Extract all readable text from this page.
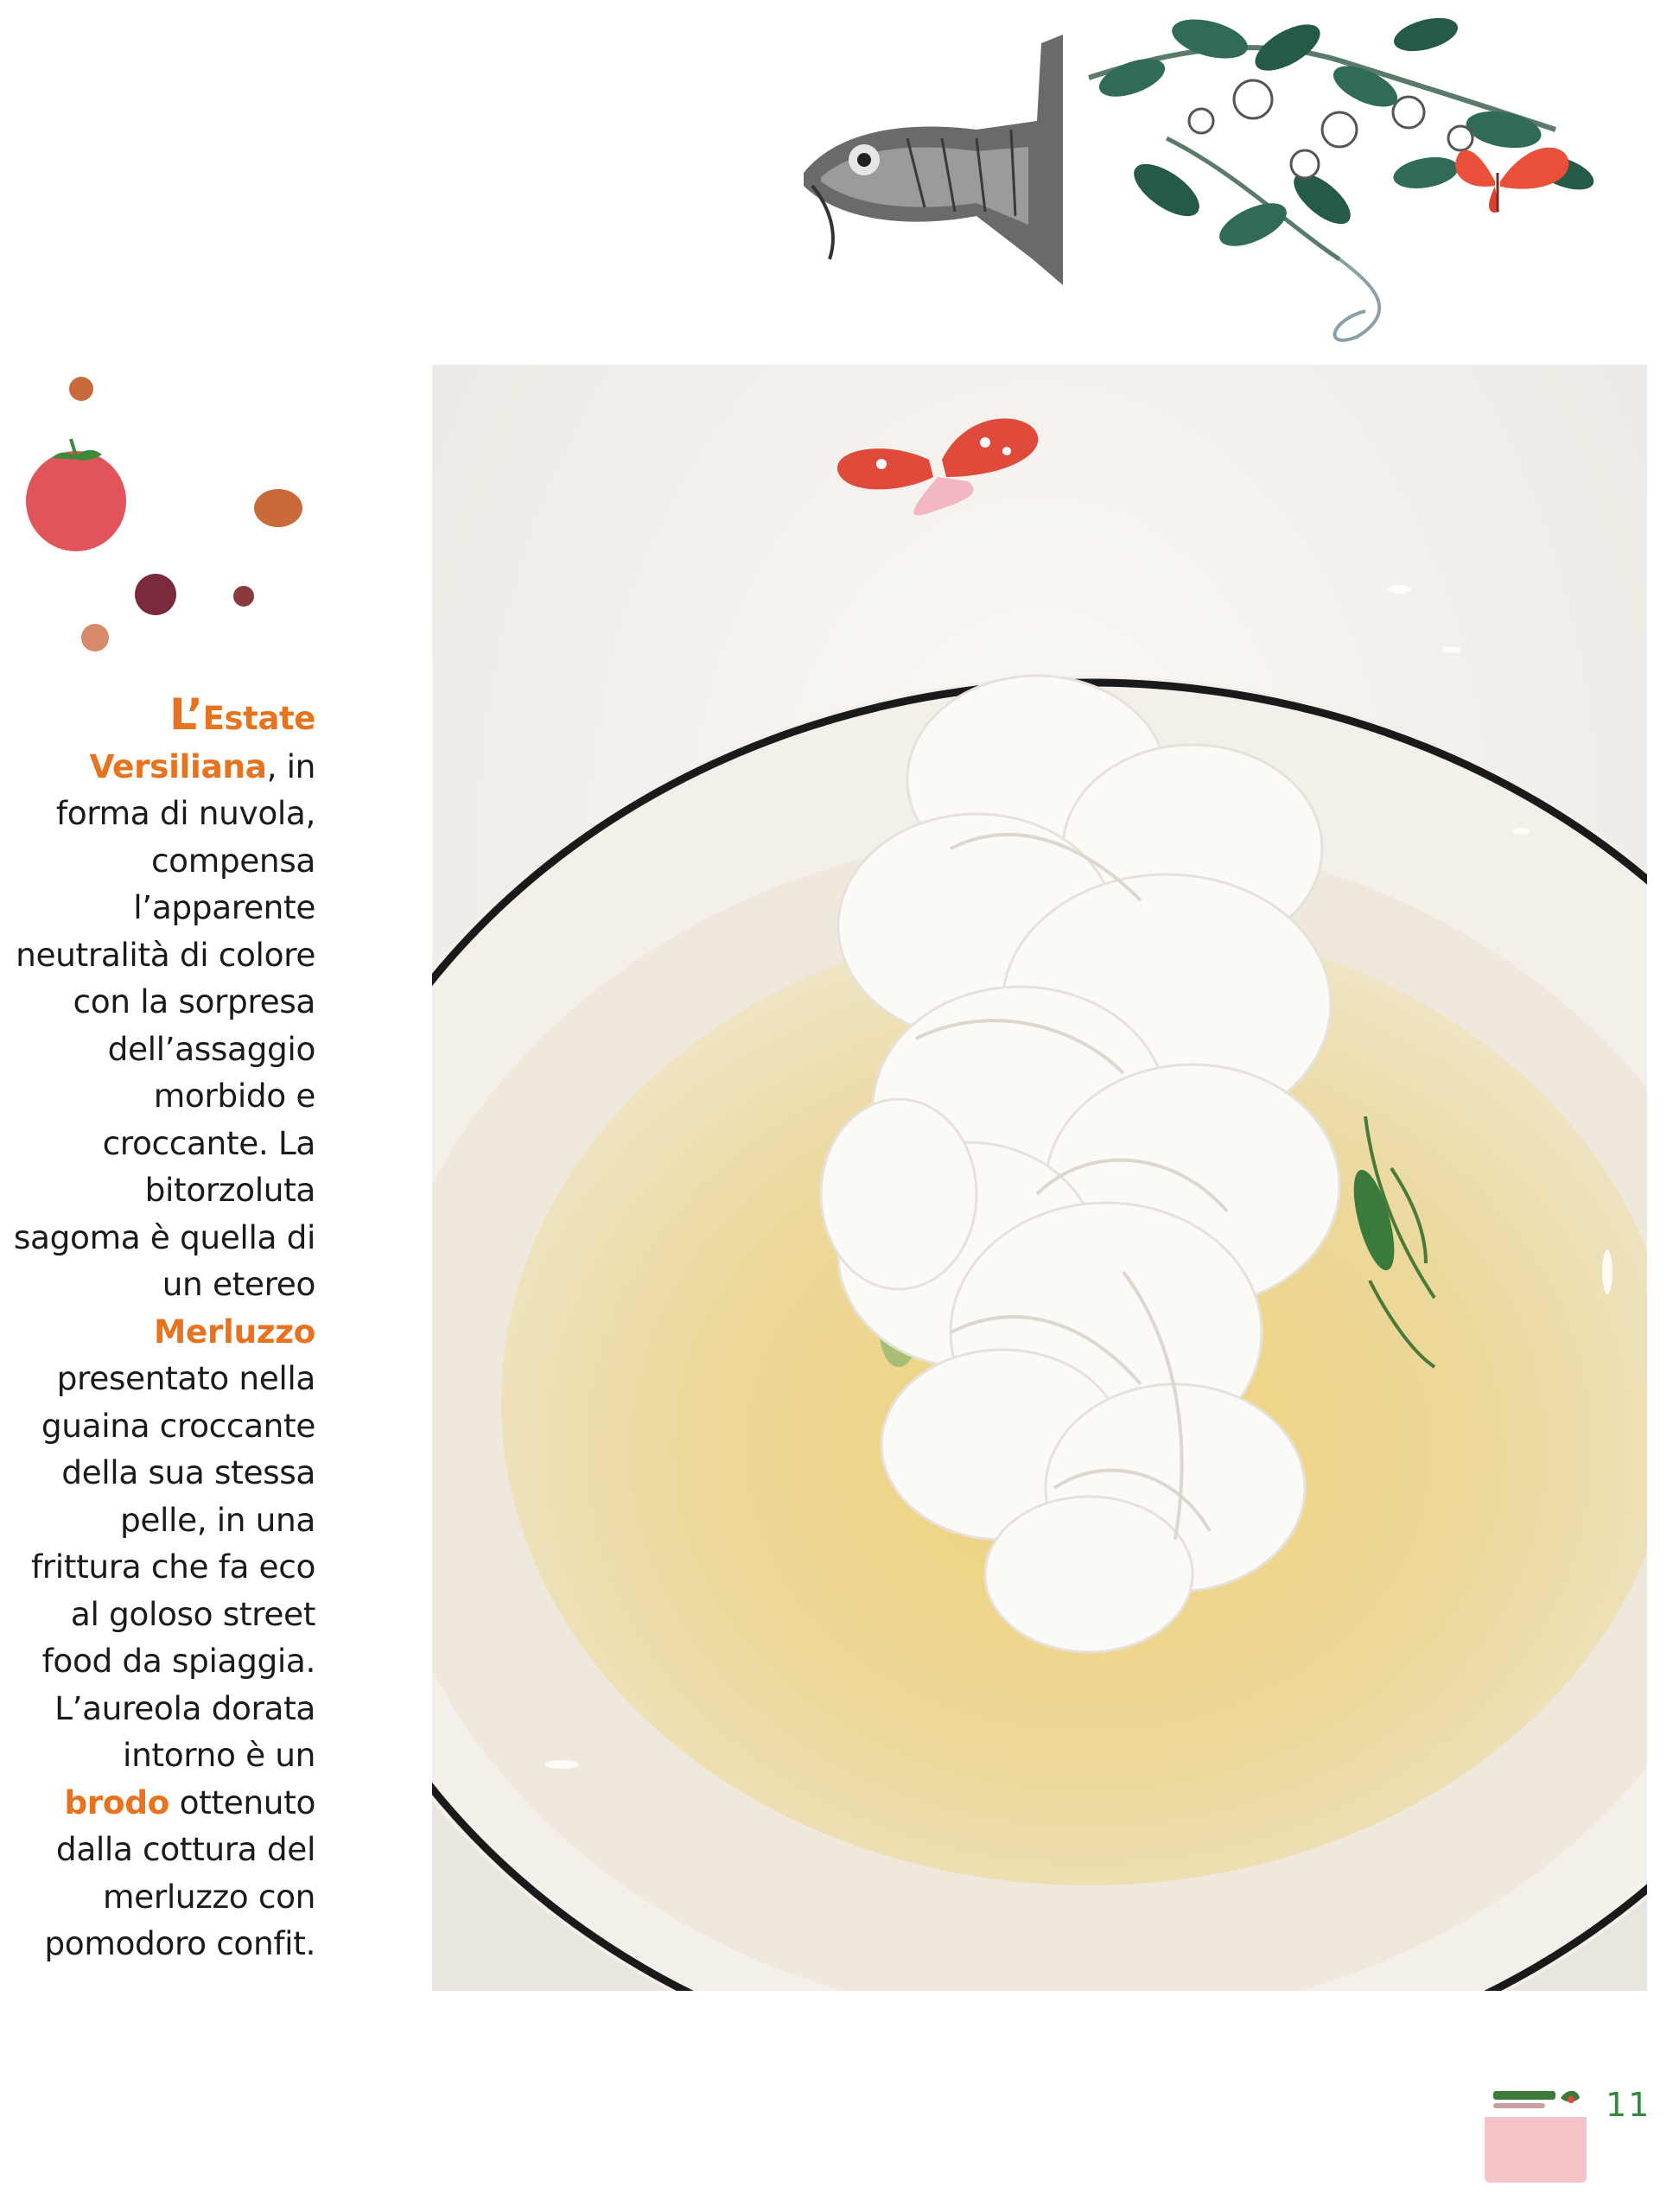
L’Estate Versiliana, in forma di nuvola, compensa l’apparente neutralità di colore con la sorpresa dell’assaggio morbido e croccante. La bitorzoluta sagoma è quella di un etereo Merluzzo presentato nella guaina croccante della sua stessa pelle, in una frittura che fa eco al goloso street food da spiaggia. L’aureola dorata intorno è un brodo ottenuto dalla cottura del merluzzo con pomodoro confit.
11
